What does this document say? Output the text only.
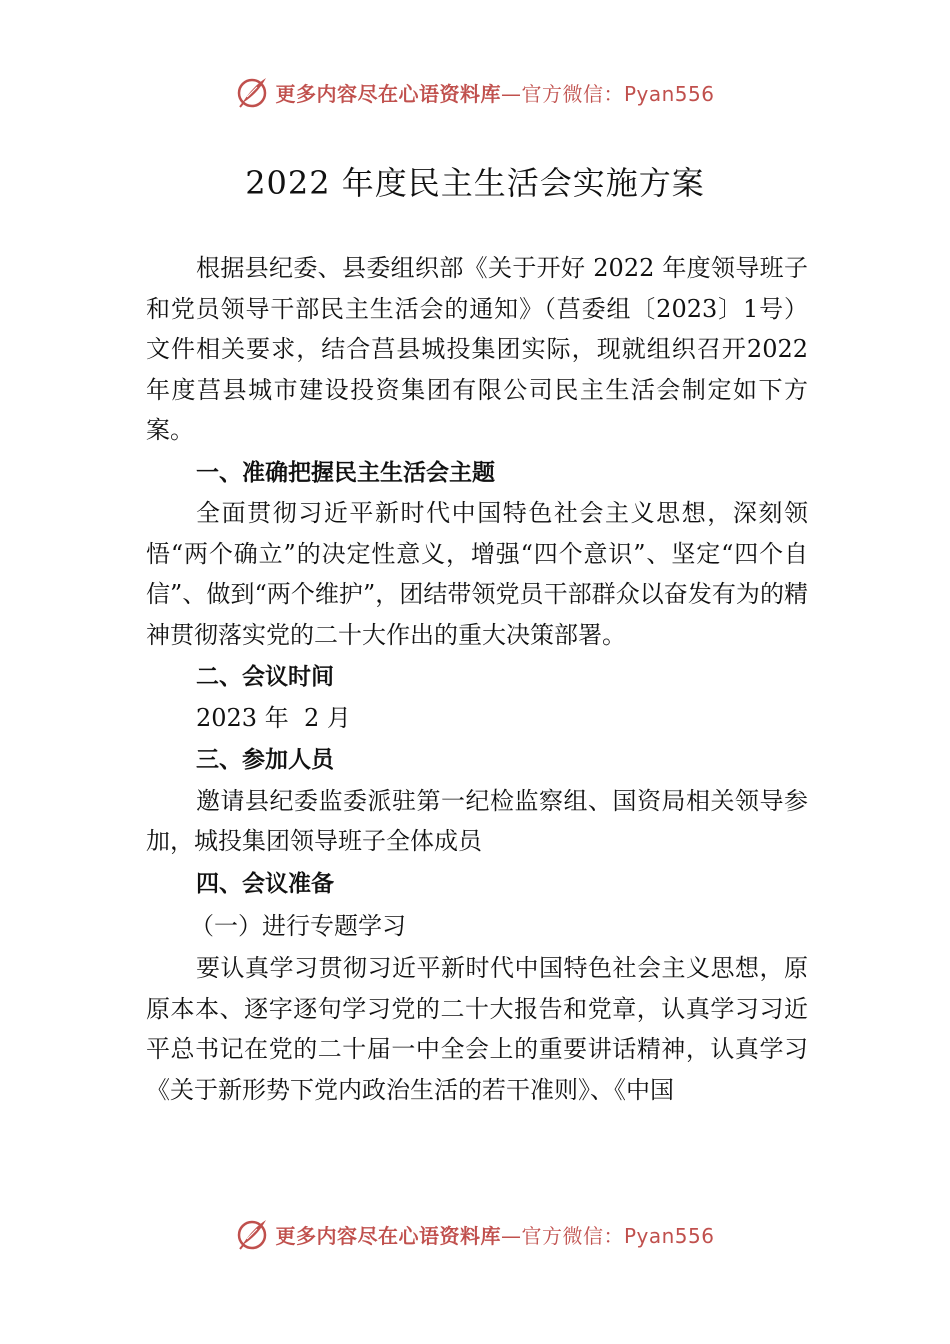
更多内容尽在心语资料库—官方微信：Pyan556
2022 年度民主生活会实施方案

根据县纪委、县委组织部《关于开好 2022 年度领导班子和党员领导干部民主生活会的通知》（莒委组〔2023〕1号）文件相关要求，结合莒县城投集团实际，现就组织召开2022 年度莒县城市建设投资集团有限公司民主生活会制定如下方案。

一、准确把握民主生活会主题

全面贯彻习近平新时代中国特色社会主义思想，深刻领悟“两个确立”的决定性意义，增强“四个意识”、坚定“四个自信”、做到“两个维护”，团结带领党员干部群众以奋发有为的精神贯彻落实党的二十大作出的重大决策部署。

二、会议时间

2023 年  2 月

三、参加人员

邀请县纪委监委派驻第一纪检监察组、国资局相关领导参加，城投集团领导班子全体成员

四、会议准备

（一）进行专题学习

要认真学习贯彻习近平新时代中国特色社会主义思想，原原本本、逐字逐句学习党的二十大报告和党章，认真学习习近平总书记在党的二十届一中全会上的重要讲话精神，认真学习《关于新形势下党内政治生活的若干准则》、《中国

更多内容尽在心语资料库—官方微信：Pyan556
